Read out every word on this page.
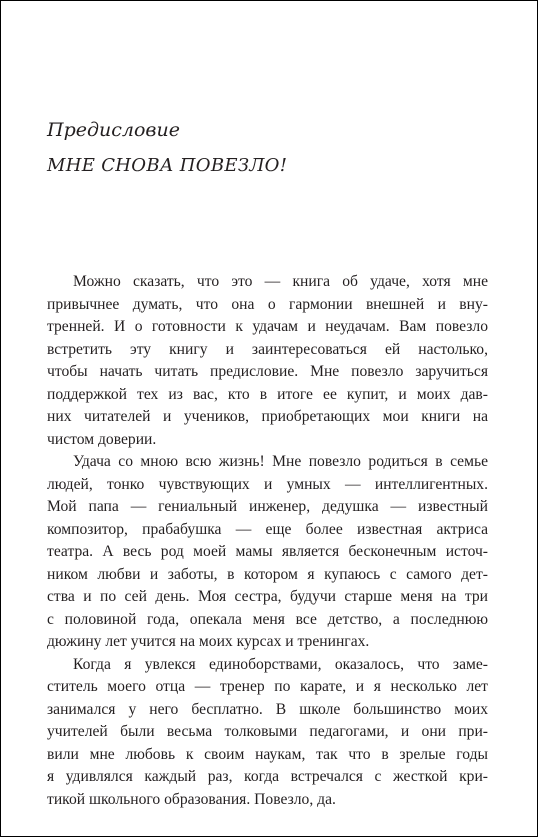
Предисловие

МНЕ СНОВА ПОВЕЗЛО!

Можно сказать, что это — книга об удаче, хотя мне
привычнее думать, что она о гармонии внешней и вну-
тренней. И о готовности к удачам и неудачам. Вам повезло
встретить эту книгу и заинтересоваться ей настолько,
чтобы начать читать предисловие. Мне повезло заручиться
поддержкой тех из вас, кто в итоге ее купит, и моих дав-
них читателей и учеников, приобретающих мои книги на
чистом доверии.

Удача со мною всю жизнь! Мне повезло родиться в семье
людей, тонко чувствующих и умных — интеллигентных.
Мой папа — гениальный инженер, дедушка — известный
композитор, прабабушка — еще более известная актриса
театра. А весь род моей мамы является бесконечным источ-
ником любви и заботы, в котором я купаюсь с самого дет-
ства и по сей день. Моя сестра, будучи старше меня на три
с половиной года, опекала меня все детство, а последнюю
дюжину лет учится на моих курсах и тренингах.

Когда я увлекся единоборствами, оказалось, что заме-
ститель моего отца — тренер по карате, и я несколько лет
занимался у него бесплатно. В школе большинство моих
учителей были весьма толковыми педагогами, и они при-
вили мне любовь к своим наукам, так что в зрелые годы
я удивлялся каждый раз, когда встречался с жесткой кри-
тикой школьного образования. Повезло, да.
